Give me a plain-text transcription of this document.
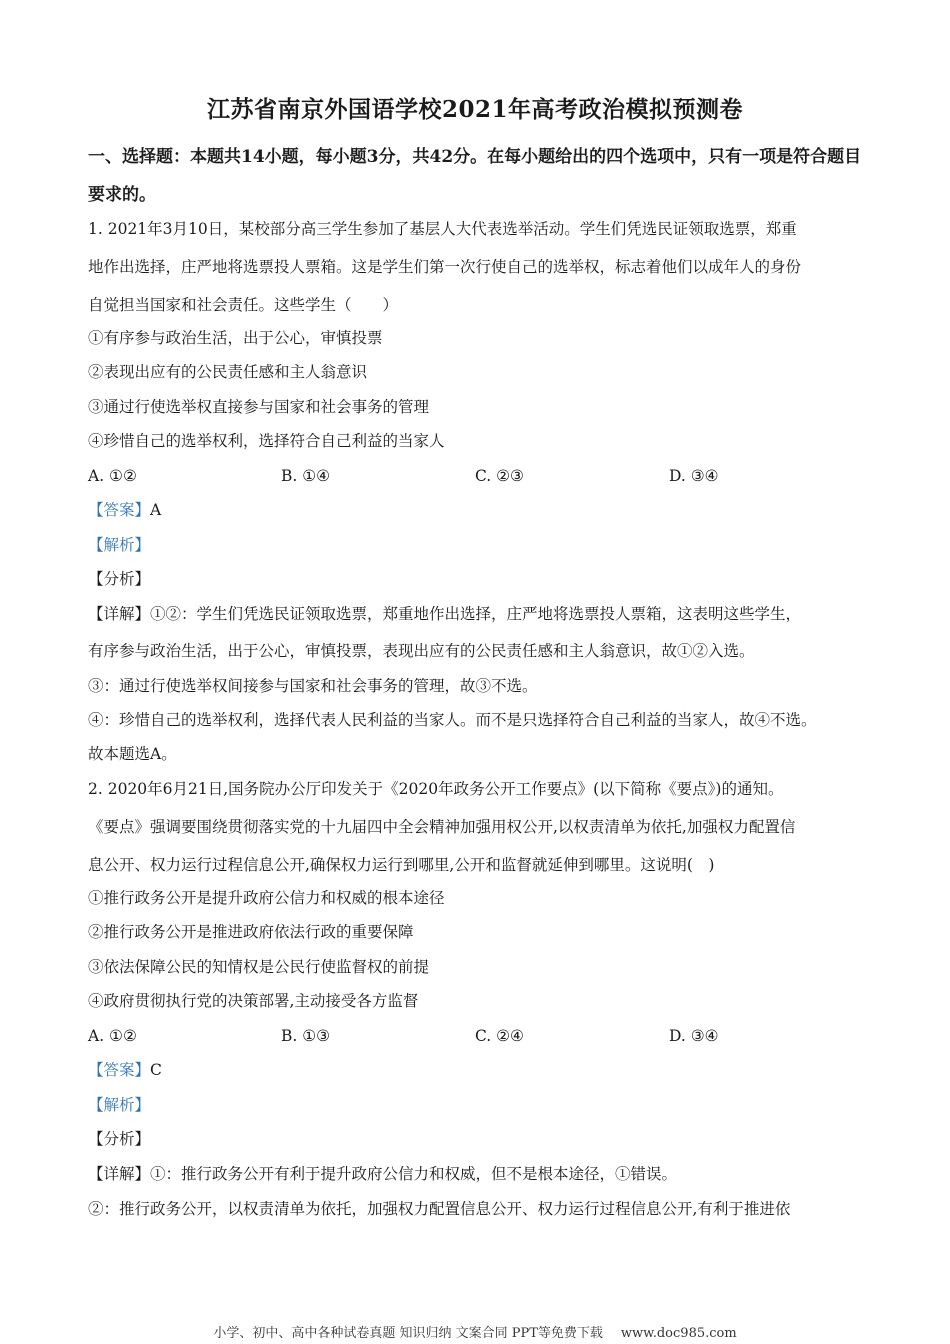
江苏省南京外国语学校2021年高考政治模拟预测卷
一、选择题：本题共14小题，每小题3分，共42分。在每小题给出的四个选项中，只有一项是符合题目要求的。
1. 2021年3月10日，某校部分高三学生参加了基层人大代表选举活动。学生们凭选民证领取选票，郑重
地作出选择，庄严地将选票投人票箱。这是学生们第一次行使自己的选举权，标志着他们以成年人的身份
自觉担当国家和社会责任。这些学生（　　）
①有序参与政治生活，出于公心，审慎投票
②表现出应有的公民责任感和主人翁意识
③通过行使选举权直接参与国家和社会事务的管理
④珍惜自己的选举权利，选择符合自己利益的当家人
A. ①②	B. ①④	C. ②③	D. ③④
【答案】A
【解析】
【分析】
【详解】①②：学生们凭选民证领取选票，郑重地作出选择，庄严地将选票投人票箱，这表明这些学生，
有序参与政治生活，出于公心，审慎投票，表现出应有的公民责任感和主人翁意识，故①②入选。
③：通过行使选举权间接参与国家和社会事务的管理，故③不选。
④：珍惜自己的选举权利，选择代表人民利益的当家人。而不是只选择符合自己利益的当家人，故④不选。
故本题选A。
2. 2020年6月21日,国务院办公厅印发关于《2020年政务公开工作要点》(以下简称《要点》)的通知。
《要点》强调要围绕贯彻落实党的十九届四中全会精神加强用权公开,以权责清单为依托,加强权力配置信
息公开、权力运行过程信息公开,确保权力运行到哪里,公开和监督就延伸到哪里。这说明(　)
①推行政务公开是提升政府公信力和权威的根本途径
②推行政务公开是推进政府依法行政的重要保障
③依法保障公民的知情权是公民行使监督权的前提
④政府贯彻执行党的决策部署,主动接受各方监督
A. ①②	B. ①③	C. ②④	D. ③④
【答案】C
【解析】
【分析】
【详解】①：推行政务公开有利于提升政府公信力和权威，但不是根本途径，①错误。
②：推行政务公开，以权责清单为依托，加强权力配置信息公开、权力运行过程信息公开,有利于推进依
小学、初中、高中各种试卷真题 知识归纳 文案合同 PPT等免费下载 www.doc985.com
